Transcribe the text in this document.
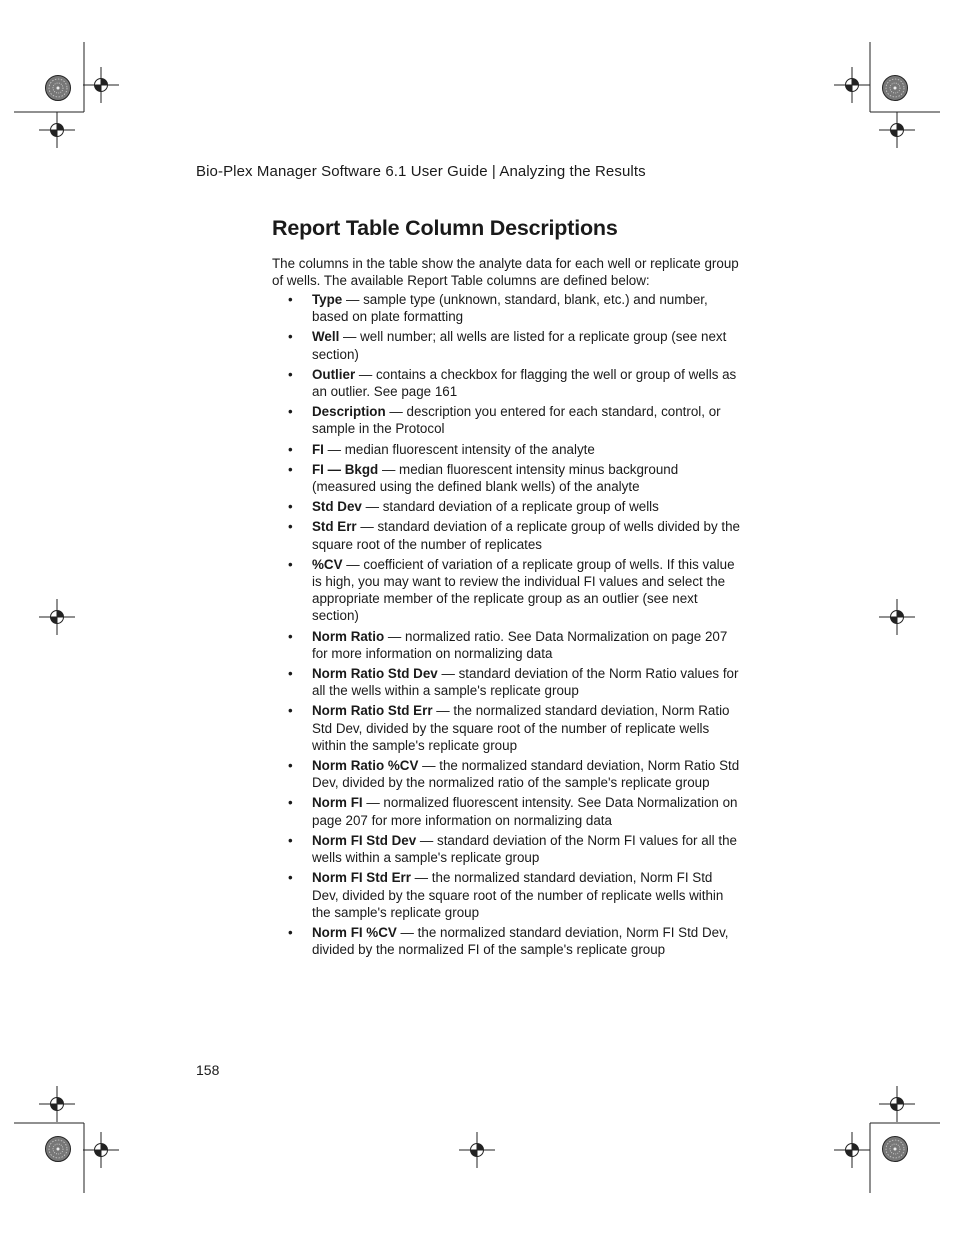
Bio-Plex Manager Software 6.1 User Guide | Analyzing the Results
Report Table Column Descriptions

The columns in the table show the analyte data for each well or replicate group of wells. The available Report Table columns are defined below:

• Type — sample type (unknown, standard, blank, etc.) and number, based on plate formatting
• Well — well number; all wells are listed for a replicate group (see next section)
• Outlier — contains a checkbox for flagging the well or group of wells as an outlier. See page 161
• Description — description you entered for each standard, control, or sample in the Protocol
• FI — median fluorescent intensity of the analyte
• FI — Bkgd — median fluorescent intensity minus background (measured using the defined blank wells) of the analyte
• Std Dev — standard deviation of a replicate group of wells
• Std Err — standard deviation of a replicate group of wells divided by the square root of the number of replicates
• %CV — coefficient of variation of a replicate group of wells. If this value is high, you may want to review the individual FI values and select the appropriate member of the replicate group as an outlier (see next section)
• Norm Ratio — normalized ratio. See Data Normalization on page 207 for more information on normalizing data
• Norm Ratio Std Dev — standard deviation of the Norm Ratio values for all the wells within a sample's replicate group
• Norm Ratio Std Err — the normalized standard deviation, Norm Ratio Std Dev, divided by the square root of the number of replicate wells within the sample's replicate group
• Norm Ratio %CV — the normalized standard deviation, Norm Ratio Std Dev, divided by the normalized ratio of the sample's replicate group
• Norm FI — normalized fluorescent intensity. See Data Normalization on page 207 for more information on normalizing data
• Norm FI Std Dev — standard deviation of the Norm FI values for all the wells within a sample's replicate group
• Norm FI Std Err — the normalized standard deviation, Norm FI Std Dev, divided by the square root of the number of replicate wells within the sample's replicate group
• Norm FI %CV — the normalized standard deviation, Norm FI Std Dev, divided by the normalized FI of the sample's replicate group
158
